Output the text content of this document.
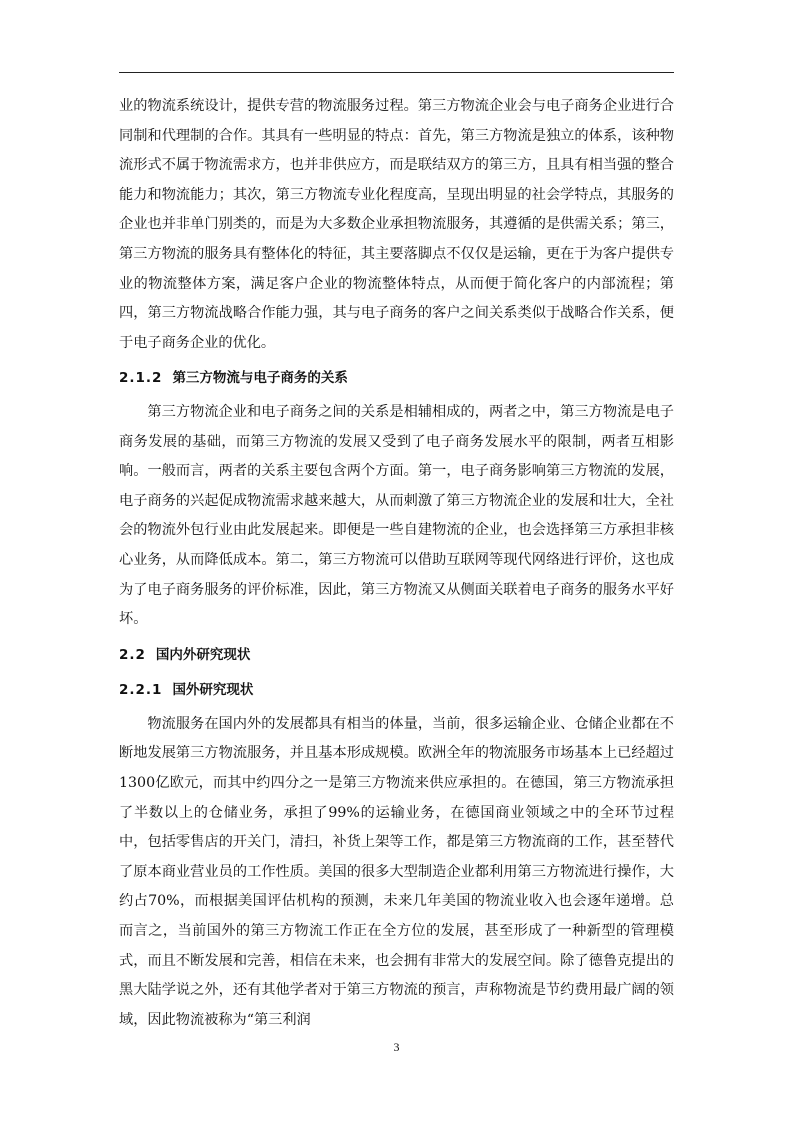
业的物流系统设计，提供专营的物流服务过程。第三方物流企业会与电子商务企业进行合同制和代理制的合作。其具有一些明显的特点：首先，第三方物流是独立的体系，该种物流形式不属于物流需求方，也并非供应方，而是联结双方的第三方，且具有相当强的整合能力和物流能力；其次，第三方物流专业化程度高，呈现出明显的社会学特点，其服务的企业也并非单门别类的，而是为大多数企业承担物流服务，其遵循的是供需关系；第三，第三方物流的服务具有整体化的特征，其主要落脚点不仅仅是运输，更在于为客户提供专业的物流整体方案，满足客户企业的物流整体特点，从而便于简化客户的内部流程；第四，第三方物流战略合作能力强，其与电子商务的客户之间关系类似于战略合作关系，便于电子商务企业的优化。

2.1.2 第三方物流与电子商务的关系

第三方物流企业和电子商务之间的关系是相辅相成的，两者之中，第三方物流是电子商务发展的基础，而第三方物流的发展又受到了电子商务发展水平的限制，两者互相影响。一般而言，两者的关系主要包含两个方面。第一，电子商务影响第三方物流的发展，电子商务的兴起促成物流需求越来越大，从而刺激了第三方物流企业的发展和壮大，全社会的物流外包行业由此发展起来。即便是一些自建物流的企业，也会选择第三方承担非核心业务，从而降低成本。第二，第三方物流可以借助互联网等现代网络进行评价，这也成为了电子商务服务的评价标准，因此，第三方物流又从侧面关联着电子商务的服务水平好坏。

2.2 国内外研究现状
2.2.1 国外研究现状

物流服务在国内外的发展都具有相当的体量，当前，很多运输企业、仓储企业都在不断地发展第三方物流服务，并且基本形成规模。欧洲全年的物流服务市场基本上已经超过1300亿欧元，而其中约四分之一是第三方物流来供应承担的。在德国，第三方物流承担了半数以上的仓储业务，承担了99%的运输业务，在德国商业领域之中的全环节过程中，包括零售店的开关门，清扫，补货上架等工作，都是第三方物流商的工作，甚至替代了原本商业营业员的工作性质。美国的很多大型制造企业都利用第三方物流进行操作，大约占70%，而根据美国评估机构的预测，未来几年美国的物流业收入也会逐年递增。总而言之，当前国外的第三方物流工作正在全方位的发展，甚至形成了一种新型的管理模式，而且不断发展和完善，相信在未来，也会拥有非常大的发展空间。除了德鲁克提出的黑大陆学说之外，还有其他学者对于第三方物流的预言，声称物流是节约费用最广阔的领域，因此物流被称为“第三利润

3
